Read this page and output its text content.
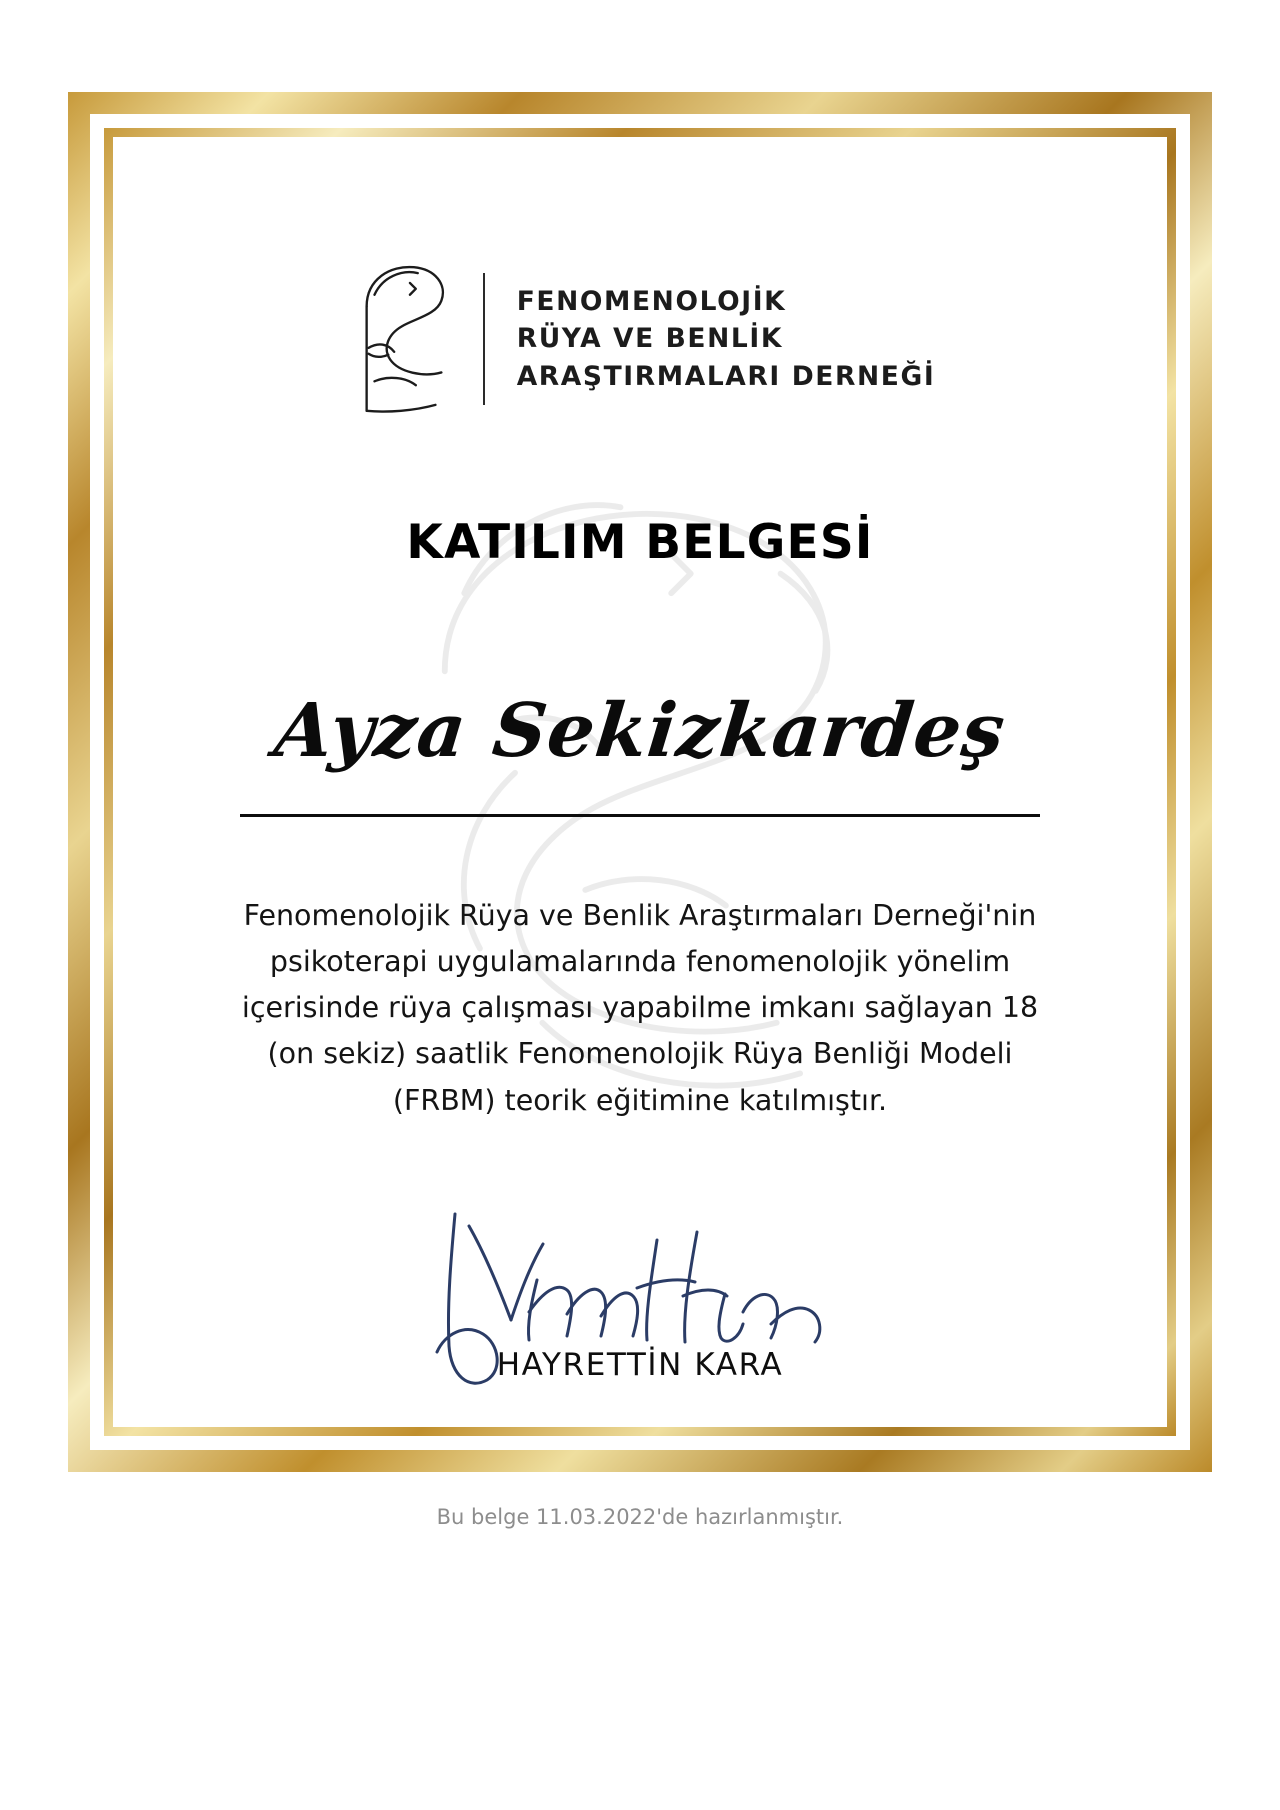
FENOMENOLOJİK
RÜYA VE BENLİK
ARAŞTIRMALARI DERNEĞİ
KATILIM BELGESİ
Ayza Sekizkardeş
Fenomenolojik Rüya ve Benlik Araştırmaları Derneği'nin psikoterapi uygulamalarında fenomenolojik yönelim içerisinde rüya çalışması yapabilme imkanı sağlayan 18 (on sekiz) saatlik Fenomenolojik Rüya Benliği Modeli (FRBM) teorik eğitimine katılmıştır.
HAYRETTİN KARA
Bu belge 11.03.2022'de hazırlanmıştır.
